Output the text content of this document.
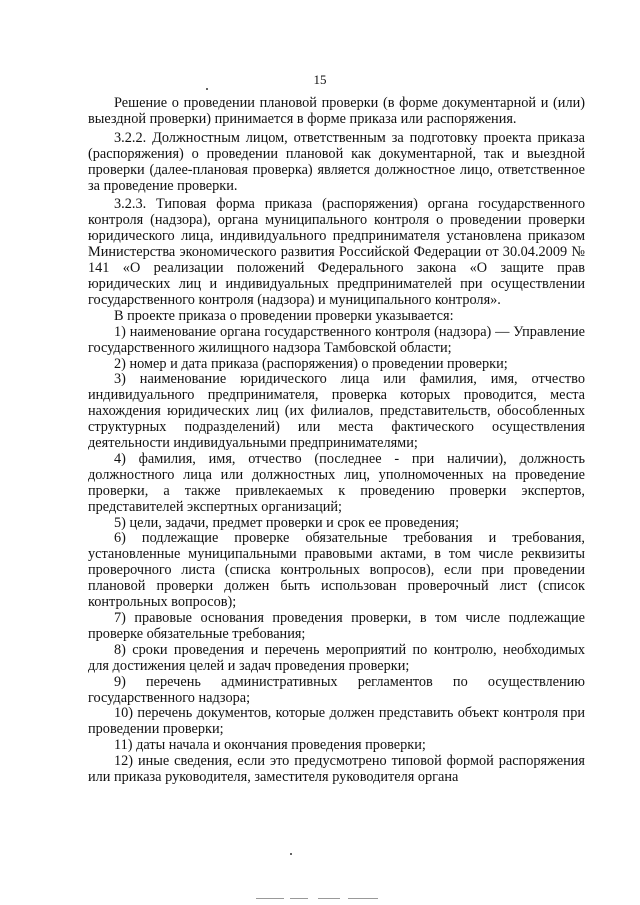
15

Решение о проведении плановой проверки (в форме документарной и (или) выездной проверки) принимается в форме приказа или распоряжения.

3.2.2. Должностным лицом, ответственным за подготовку проекта приказа (распоряжения) о проведении плановой как документарной, так и выездной проверки (далее-плановая проверка) является должностное лицо, ответственное за проведение проверки.

3.2.3. Типовая форма приказа (распоряжения) органа государственного контроля (надзора), органа муниципального контроля о проведении проверки юридического лица, индивидуального предпринимателя установлена приказом Министерства экономического развития Российской Федерации от 30.04.2009 № 141 «О реализации положений Федерального закона «О защите прав юридических лиц и индивидуальных предпринимателей при осуществлении государственного контроля (надзора) и муниципального контроля».

В проекте приказа о проведении проверки указывается:

1) наименование органа государственного контроля (надзора) — Управление государственного жилищного надзора Тамбовской области;

2) номер и дата приказа (распоряжения) о проведении проверки;

3) наименование юридического лица или фамилия, имя, отчество индивидуального предпринимателя, проверка которых проводится, места нахождения юридических лиц (их филиалов, представительств, обособленных структурных подразделений) или места фактического осуществления деятельности индивидуальными предпринимателями;

4) фамилия, имя, отчество (последнее - при наличии), должность должностного лица или должностных лиц, уполномоченных на проведение проверки, а также привлекаемых к проведению проверки экспертов, представителей экспертных организаций;

5) цели, задачи, предмет проверки и срок ее проведения;

6) подлежащие проверке обязательные требования и требования, установленные муниципальными правовыми актами, в том числе реквизиты проверочного листа (списка контрольных вопросов), если при проведении плановой проверки должен быть использован проверочный лист (список контрольных вопросов);

7) правовые основания проведения проверки, в том числе подлежащие проверке обязательные требования;

8) сроки проведения и перечень мероприятий по контролю, необходимых для достижения целей и задач проведения проверки;

9) перечень административных регламентов по осуществлению государственного надзора;

10) перечень документов, которые должен представить объект контроля при проведении проверки;

11) даты начала и окончания проведения проверки;

12) иные сведения, если это предусмотрено типовой формой распоряжения или приказа руководителя, заместителя руководителя органа
